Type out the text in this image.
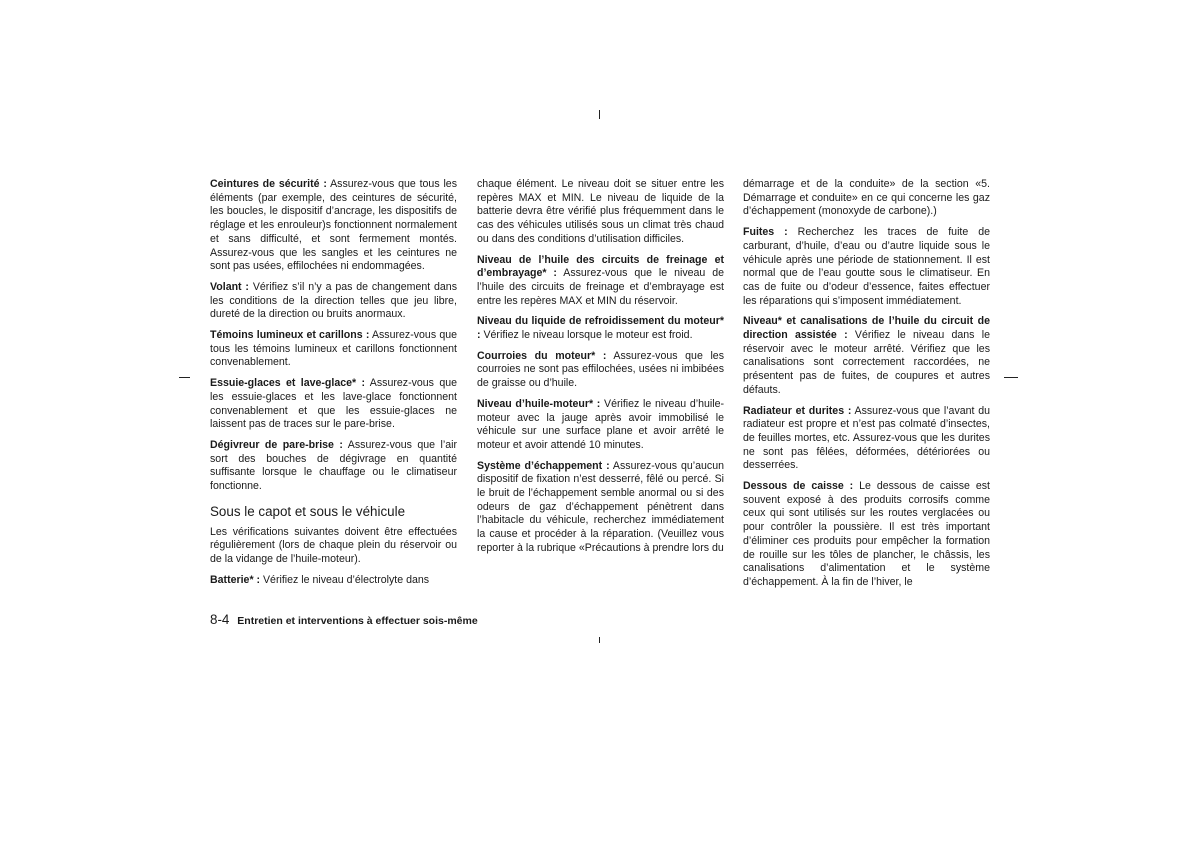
Ceintures de sécurité : Assurez-vous que tous les éléments (par exemple, des ceintures de sécurité, les boucles, le dispositif d’ancrage, les dispositifs de réglage et les enrouleur)s fonctionnent normalement et sans difficulté, et sont fermement montés. Assurez-vous que les sangles et les ceintures ne sont pas usées, effilochées ni endommagées.

Volant : Vérifiez s’il n’y a pas de changement dans les conditions de la direction telles que jeu libre, dureté de la direction ou bruits anormaux.

Témoins lumineux et carillons : Assurez-vous que tous les témoins lumineux et carillons fonctionnent convenablement.

Essuie-glaces et lave-glace* : Assurez-vous que les essuie-glaces et les lave-glace fonctionnent convenablement et que les essuie-glaces ne laissent pas de traces sur le pare-brise.

Dégivreur de pare-brise : Assurez-vous que l’air sort des bouches de dégivrage en quantité suffisante lorsque le chauffage ou le climatiseur fonctionne.

Sous le capot et sous le véhicule

Les vérifications suivantes doivent être effectuées régulièrement (lors de chaque plein du réservoir ou de la vidange de l’huile-moteur).

Batterie* : Vérifiez le niveau d’électrolyte dans

chaque élément. Le niveau doit se situer entre les repères MAX et MIN. Le niveau de liquide de la batterie devra être vérifié plus fréquemment dans le cas des véhicules utilisés sous un climat très chaud ou dans des conditions d’utilisation difficiles.

Niveau de l’huile des circuits de freinage et d’embrayage* : Assurez-vous que le niveau de l’huile des circuits de freinage et d’embrayage est entre les repères MAX et MIN du réservoir.

Niveau du liquide de refroidissement du moteur* : Vérifiez le niveau lorsque le moteur est froid.

Courroies du moteur* : Assurez-vous que les courroies ne sont pas effilochées, usées ni imbibées de graisse ou d’huile.

Niveau d’huile-moteur* : Vérifiez le niveau d’huile-moteur avec la jauge après avoir immobilisé le véhicule sur une surface plane et avoir arrêté le moteur et avoir attendé 10 minutes.

Système d’échappement : Assurez-vous qu’aucun dispositif de fixation n’est desserré, fêlé ou percé. Si le bruit de l’échappement semble anormal ou si des odeurs de gaz d’échappement pénètrent dans l’habitacle du véhicule, recherchez immédiatement la cause et procéder à la réparation. (Veuillez vous reporter à la rubrique «Précautions à prendre lors du

démarrage et de la conduite» de la section «5. Démarrage et conduite» en ce qui concerne les gaz d’échappement (monoxyde de carbone).)

Fuites : Recherchez les traces de fuite de carburant, d’huile, d’eau ou d’autre liquide sous le véhicule après une période de stationnement. Il est normal que de l’eau goutte sous le climatiseur. En cas de fuite ou d’odeur d’essence, faites effectuer les réparations qui s’imposent immédiatement.

Niveau* et canalisations de l’huile du circuit de direction assistée : Vérifiez le niveau dans le réservoir avec le moteur arrêté. Vérifiez que les canalisations sont correctement raccordées, ne présentent pas de fuites, de coupures et autres défauts.

Radiateur et durites : Assurez-vous que l’avant du radiateur est propre et n’est pas colmaté d’insectes, de feuilles mortes, etc. Assurez-vous que les durites ne sont pas fêlées, déformées, détériorées ou desserrées.

Dessous de caisse : Le dessous de caisse est souvent exposé à des produits corrosifs comme ceux qui sont utilisés sur les routes verglacées ou pour contrôler la poussière. Il est très important d’éliminer ces produits pour empêcher la formation de rouille sur les tôles de plancher, le châssis, les canalisations d’alimentation et le système d’échappement. À la fin de l’hiver, le

8-4 Entretien et interventions à effectuer sois-même
